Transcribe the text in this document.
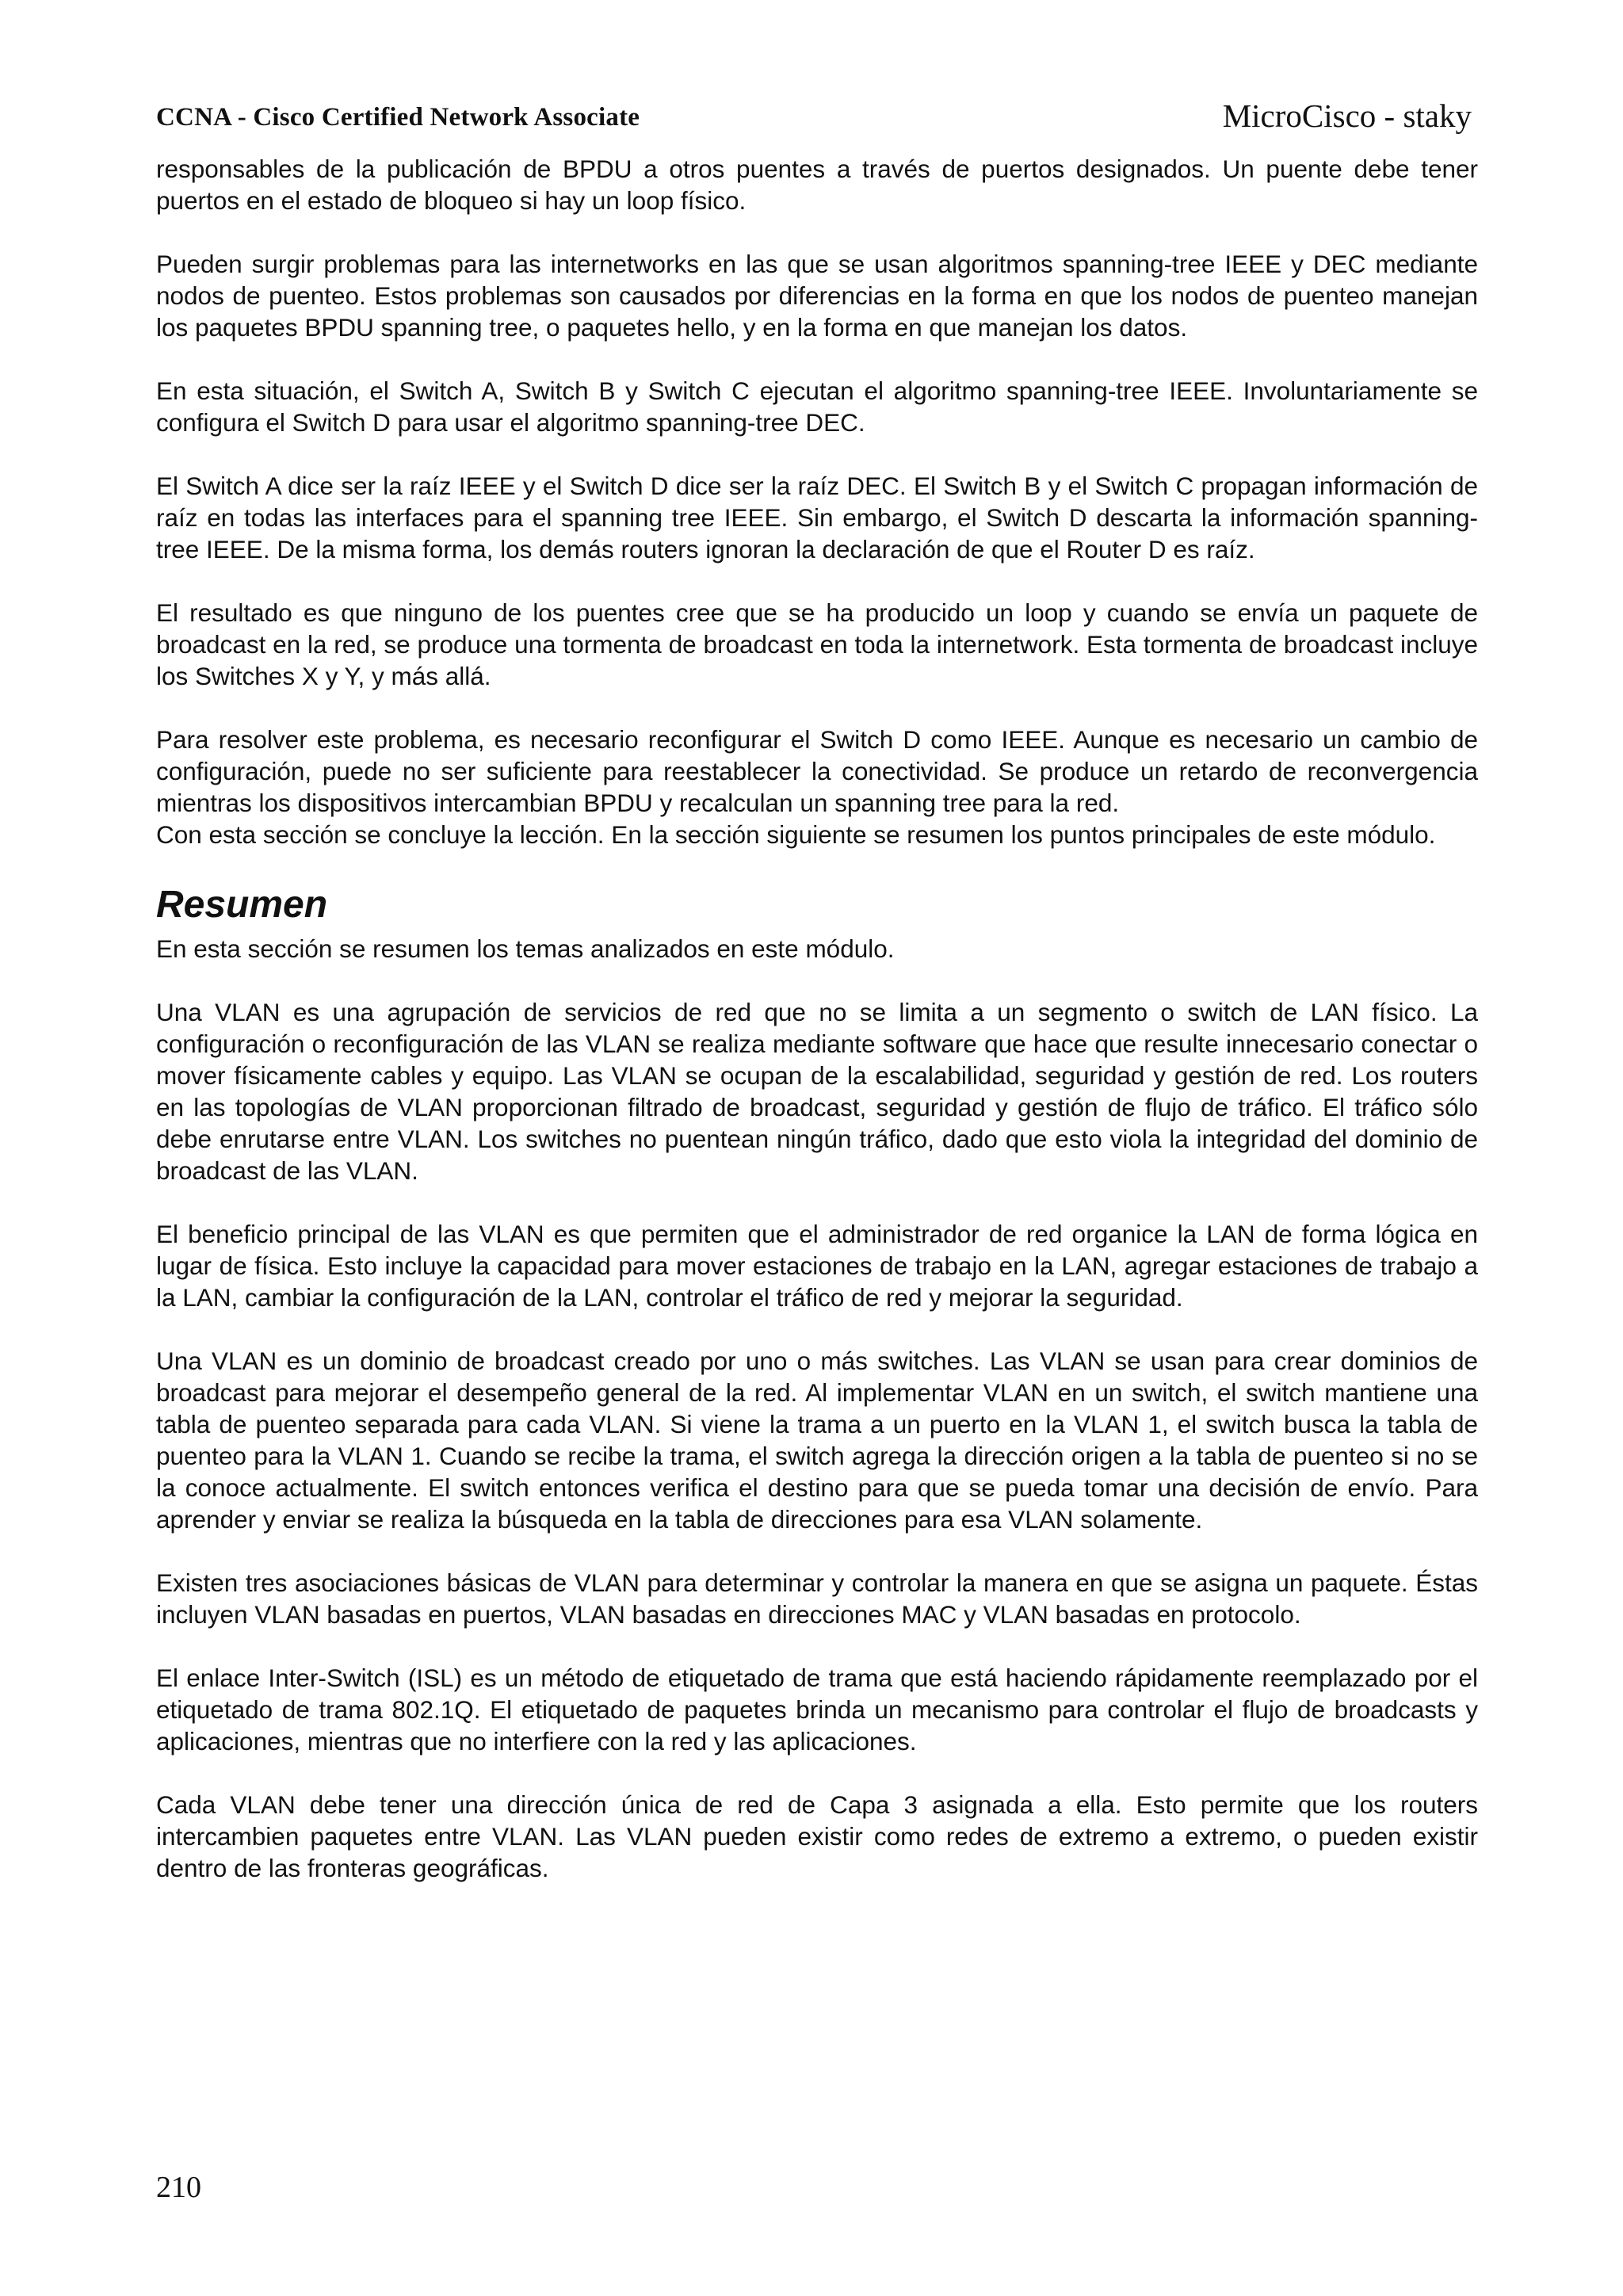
CCNA - Cisco Certified Network Associate	MicroCisco - staky

responsables de la publicación de BPDU a otros puentes a través de puertos designados. Un puente debe tener puertos en el estado de bloqueo si hay un loop físico.

Pueden surgir problemas para las internetworks en las que se usan algoritmos spanning-tree IEEE y DEC mediante nodos de puenteo. Estos problemas son causados por diferencias en la forma en que los nodos de puenteo manejan los paquetes BPDU spanning tree, o paquetes hello, y en la forma en que manejan los datos.

En esta situación, el Switch A, Switch B y Switch C ejecutan el algoritmo spanning-tree IEEE. Involuntariamente se configura el Switch D para usar el algoritmo spanning-tree DEC.

El Switch A dice ser la raíz IEEE y el Switch D dice ser la raíz DEC. El Switch B y el Switch C propagan información de raíz en todas las interfaces para el spanning tree IEEE. Sin embargo, el Switch D descarta la información spanning-tree IEEE. De la misma forma, los demás routers ignoran la declaración de que el Router D es raíz.

El resultado es que ninguno de los puentes cree que se ha producido un loop y cuando se envía un paquete de broadcast en la red, se produce una tormenta de broadcast en toda la internetwork. Esta tormenta de broadcast incluye los Switches X y Y, y más allá.

Para resolver este problema, es necesario reconfigurar el Switch D como IEEE. Aunque es necesario un cambio de configuración, puede no ser suficiente para reestablecer la conectividad. Se produce un retardo de reconvergencia mientras los dispositivos intercambian BPDU y recalculan un spanning tree para la red.

Con esta sección se concluye la lección. En la sección siguiente se resumen los puntos principales de este módulo.

Resumen

En esta sección se resumen los temas analizados en este módulo.

Una VLAN es una agrupación de servicios de red que no se limita a un segmento o switch de LAN físico. La configuración o reconfiguración de las VLAN se realiza mediante software que hace que resulte innecesario conectar o mover físicamente cables y equipo. Las VLAN se ocupan de la escalabilidad, seguridad y gestión de red. Los routers en las topologías de VLAN proporcionan filtrado de broadcast, seguridad y gestión de flujo de tráfico. El tráfico sólo debe enrutarse entre VLAN. Los switches no puentean ningún tráfico, dado que esto viola la integridad del dominio de broadcast de las VLAN.

El beneficio principal de las VLAN es que permiten que el administrador de red organice la LAN de forma lógica en lugar de física. Esto incluye la capacidad para mover estaciones de trabajo en la LAN, agregar estaciones de trabajo a la LAN, cambiar la configuración de la LAN, controlar el tráfico de red y mejorar la seguridad.

Una VLAN es un dominio de broadcast creado por uno o más switches. Las VLAN se usan para crear dominios de broadcast para mejorar el desempeño general de la red. Al implementar VLAN en un switch, el switch mantiene una tabla de puenteo separada para cada VLAN. Si viene la trama a un puerto en la VLAN 1, el switch busca la tabla de puenteo para la VLAN 1. Cuando se recibe la trama, el switch agrega la dirección origen a la tabla de puenteo si no se la conoce actualmente. El switch entonces verifica el destino para que se pueda tomar una decisión de envío. Para aprender y enviar se realiza la búsqueda en la tabla de direcciones para esa VLAN solamente.

Existen tres asociaciones básicas de VLAN para determinar y controlar la manera en que se asigna un paquete. Éstas incluyen VLAN basadas en puertos, VLAN basadas en direcciones MAC y VLAN basadas en protocolo.

El enlace Inter-Switch (ISL) es un método de etiquetado de trama que está haciendo rápidamente reemplazado por el etiquetado de trama 802.1Q. El etiquetado de paquetes brinda un mecanismo para controlar el flujo de broadcasts y aplicaciones, mientras que no interfiere con la red y las aplicaciones.

Cada VLAN debe tener una dirección única de red de Capa 3 asignada a ella. Esto permite que los routers intercambien paquetes entre VLAN. Las VLAN pueden existir como redes de extremo a extremo, o pueden existir dentro de las fronteras geográficas.

210
